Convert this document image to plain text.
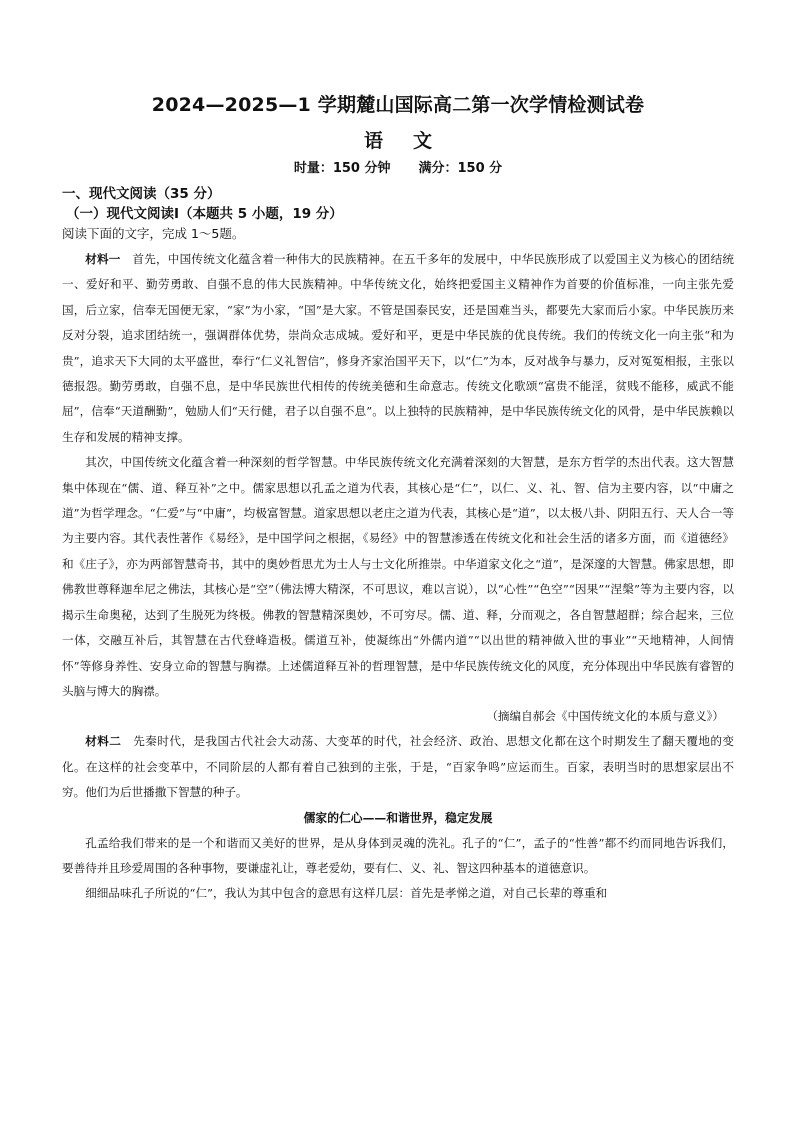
2024—2025—1 学期麓山国际高二第一次学情检测试卷
语 文
时量：150 分钟 满分：150 分
一、现代文阅读（35 分）
（一）现代文阅读Ⅰ（本题共 5 小题，19 分）
阅读下面的文字，完成 1～5题。

材料一  首先，中国传统文化蕴含着一种伟大的民族精神。在五千多年的发展中，中华民族形成了以爱国主义为核心的团结统一、爱好和平、勤劳勇敢、自强不息的伟大民族精神。中华传统文化，始终把爱国主义精神作为首要的价值标准，一向主张先爱国，后立家，信奉无国便无家，“家”为小家，“国”是大家。不管是国泰民安，还是国难当头，都要先大家而后小家。中华民族历来反对分裂，追求团结统一，强调群体优势，崇尚众志成城。爱好和平，更是中华民族的优良传统。我们的传统文化一向主张“和为贵”，追求天下大同的太平盛世，奉行“仁义礼智信”，修身齐家治国平天下，以“仁”为本，反对战争与暴力，反对冤冤相报，主张以德报怨。勤劳勇敢，自强不息，是中华民族世代相传的传统美德和生命意志。传统文化歌颂“富贵不能淫，贫贱不能移，威武不能屈”，信奉“天道酬勤”，勉励人们“天行健，君子以自强不息”。以上独特的民族精神，是中华民族传统文化的风骨，是中华民族赖以生存和发展的精神支撑。

其次，中国传统文化蕴含着一种深刻的哲学智慧。中华民族传统文化充满着深刻的大智慧，是东方哲学的杰出代表。这大智慧集中体现在“儒、道、释互补”之中。儒家思想以孔孟之道为代表，其核心是“仁”，以仁、义、礼、智、信为主要内容，以“中庸之道”为哲学理念。“仁爱”与“中庸”，均极富智慧。道家思想以老庄之道为代表，其核心是“道”，以太极八卦、阴阳五行、天人合一等为主要内容。其代表性著作《易经》，是中国学问之根据，《易经》中的智慧渗透在传统文化和社会生活的诸多方面，而《道德经》和《庄子》，亦为两部智慧奇书，其中的奥妙哲思尤为士人与士文化所推崇。中华道家文化之“道”，是深邃的大智慧。佛家思想，即佛教世尊释迦牟尼之佛法，其核心是“空”（佛法博大精深，不可思议，难以言说），以“心性”“色空”“因果”“涅槃”等为主要内容，以揭示生命奥秘，达到了生脱死为终极。佛教的智慧精深奥妙，不可穷尽。儒、道、释，分而观之，各自智慧超群；综合起来，三位一体，交融互补后，其智慧在古代登峰造极。儒道互补，使凝练出“外儒内道”“以出世的精神做入世的事业”“天地精神，人间情怀”等修身养性、安身立命的智慧与胸襟。上述儒道释互补的哲理智慧，是中华民族传统文化的风度，充分体现出中华民族有睿智的头脑与博大的胸襟。

（摘编自郝会《中国传统文化的本质与意义》）

材料二  先秦时代，是我国古代社会大动荡、大变革的时代，社会经济、政治、思想文化都在这个时期发生了翻天覆地的变化。在这样的社会变革中，不同阶层的人都有着自己独到的主张，于是，“百家争鸣”应运而生。百家，表明当时的思想家层出不穷。他们为后世播撒下智慧的种子。

儒家的仁心——和谐世界，稳定发展

孔孟给我们带来的是一个和谐而又美好的世界，是从身体到灵魂的洗礼。孔子的“仁”，孟子的“性善”都不约而同地告诉我们，要善待并且珍爱周围的各种事物，要谦虚礼让，尊老爱幼，要有仁、义、礼、智这四种基本的道德意识。

细细品味孔子所说的“仁”，我认为其中包含的意思有这样几层：首先是孝悌之道，对自己长辈的尊重和
